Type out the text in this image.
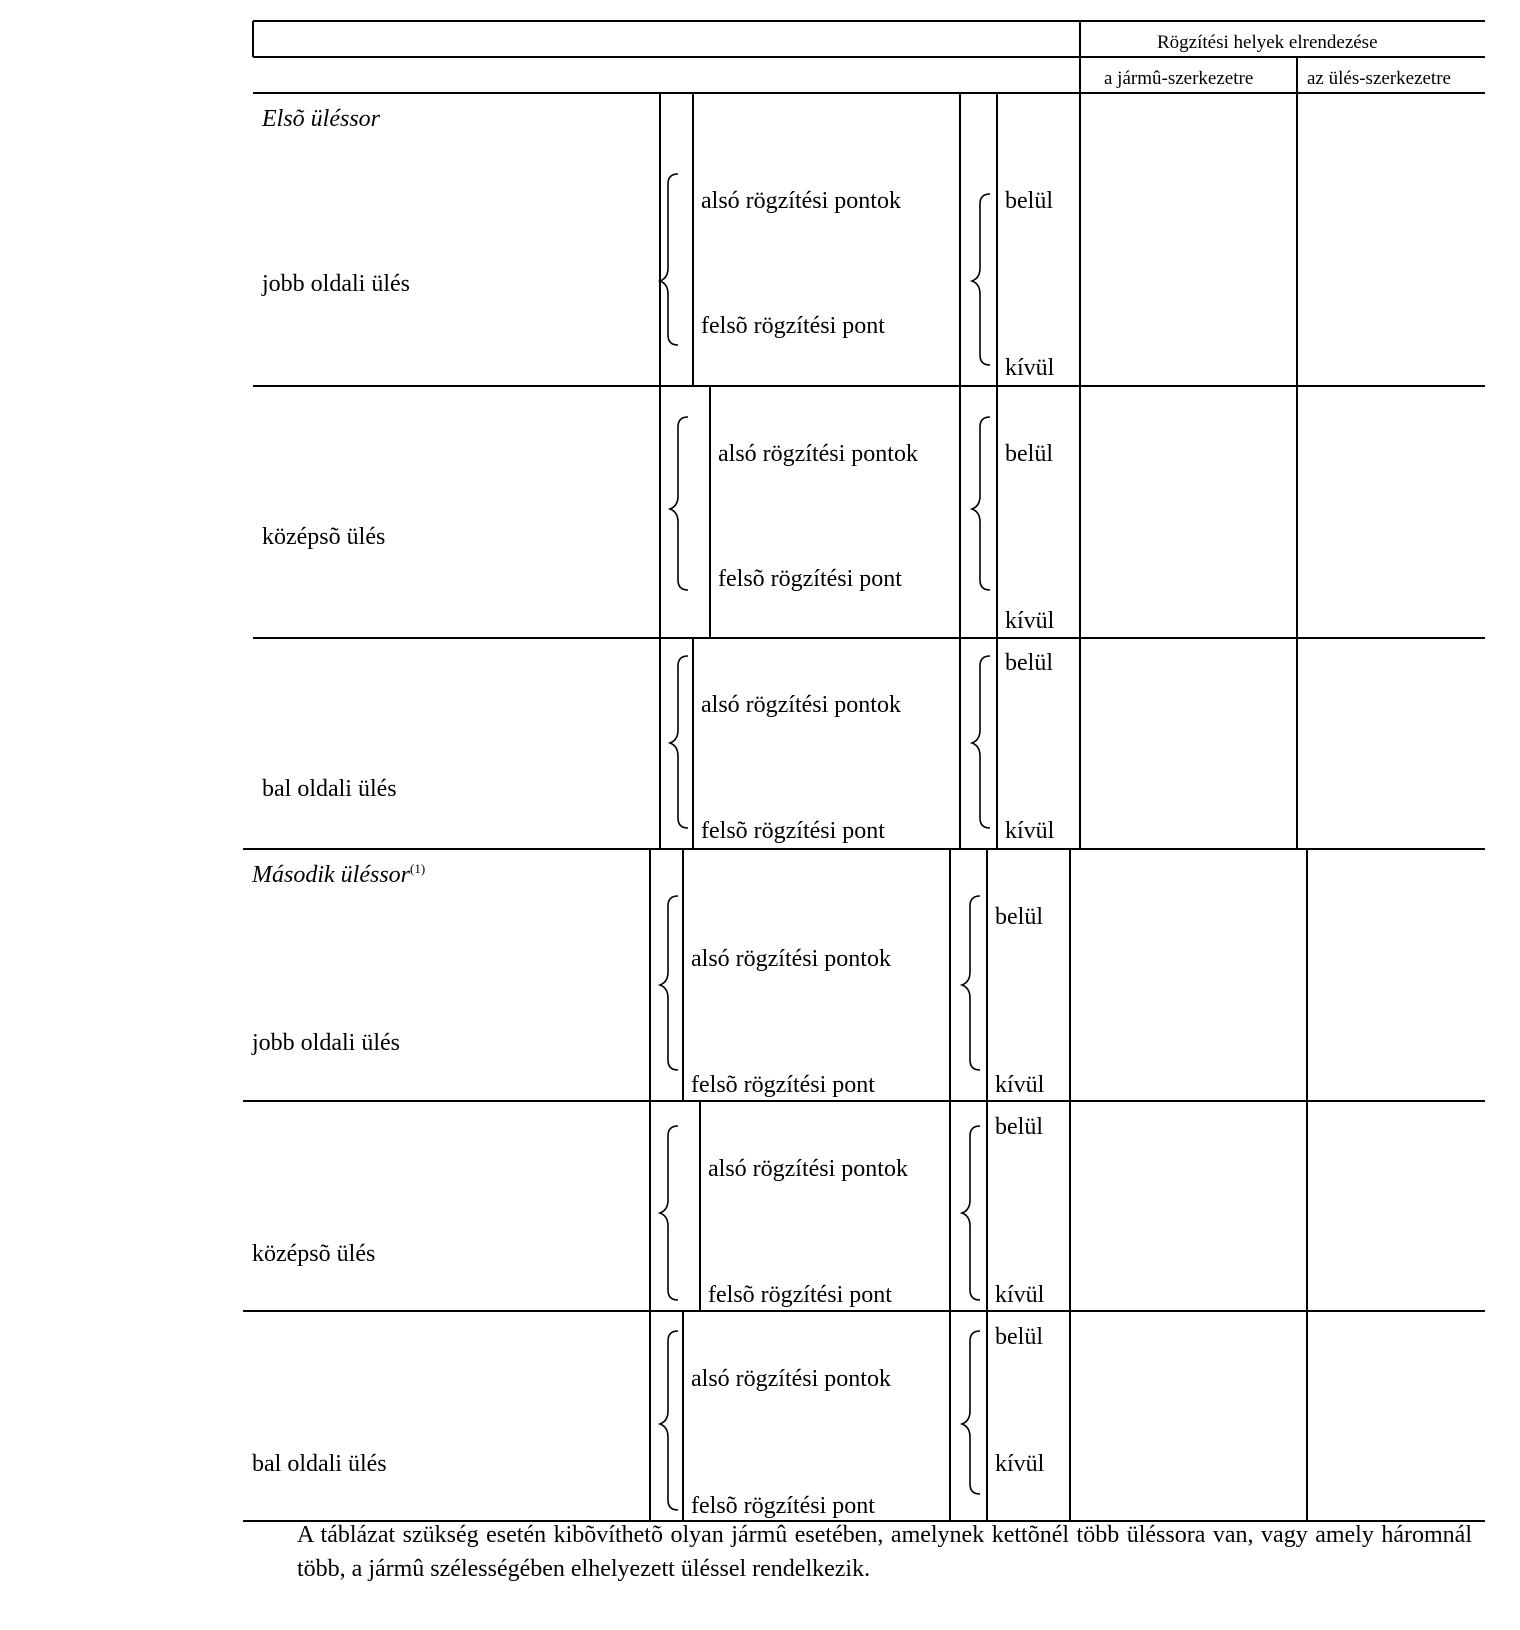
Rögzítési helyek elrendezése
a jármû-szerkezetre	az ülés-szerkezetre
Elsõ üléssor
jobb oldali ülés
alsó rögzítési pontok
felsõ rögzítési pont
belül
kívül
középsõ ülés
alsó rögzítési pontok
felsõ rögzítési pont
belül
kívül
bal oldali ülés
alsó rögzítési pontok
felsõ rögzítési pont
belül
kívül
Második üléssor$^{(1)}$
jobb oldali ülés
alsó rögzítési pontok
felsõ rögzítési pont
belül
kívül
középsõ ülés
alsó rögzítési pontok
felsõ rögzítési pont
belül
kívül
bal oldali ülés
alsó rögzítési pontok
felsõ rögzítési pont
belül
kívül
A táblázat szükség esetén kibõvíthetõ olyan jármû esetében, amelynek kettõnél több üléssora van, vagy amely háromnál több, a jármû szélességében elhelyezett üléssel rendelkezik.
